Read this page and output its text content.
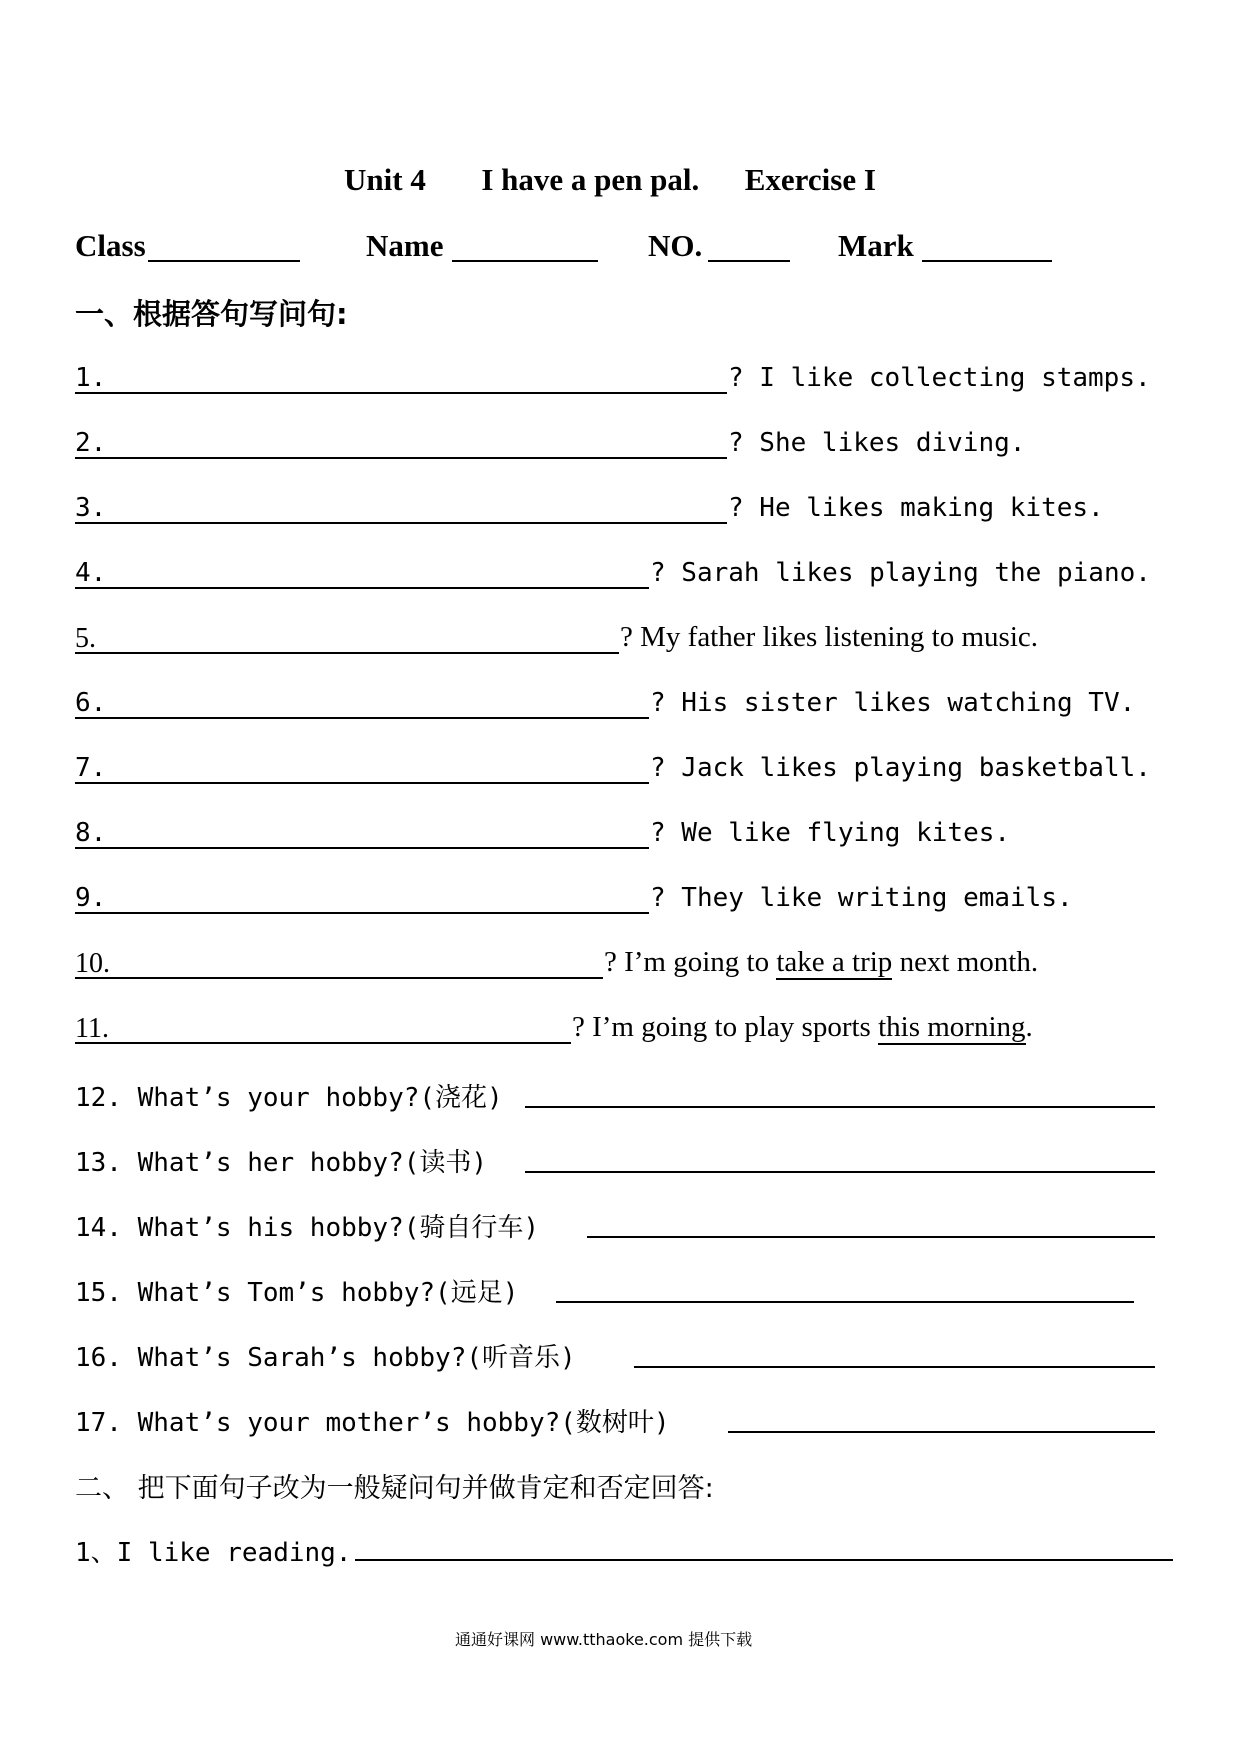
Unit 4 I have a pen pal. Exercise I
Class	Name	NO.	Mark
一、根据答句写问句:
1.	? I like collecting stamps.
2.	? She likes diving.
3.	? He likes making kites.
4.	? Sarah likes playing the piano.
5.	? My father likes listening to music.
6.	? His sister likes watching TV.
7.	? Jack likes playing basketball.
8.	? We like flying kites.
9.	? They like writing emails.
10.	? I’m going to take a trip next month.
11.	? I’m going to play sports this morning.
12. What’s your hobby?(浇花)
13. What’s her hobby?(读书)
14. What’s his hobby?(骑自行车)
15. What’s Tom’s hobby?(远足)
16. What’s Sarah’s hobby?(听音乐)
17. What’s your mother’s hobby?(数树叶)
二、 把下面句子改为一般疑问句并做肯定和否定回答:
1、I like reading.
通通好课网 www.tthaoke.com 提供下载
